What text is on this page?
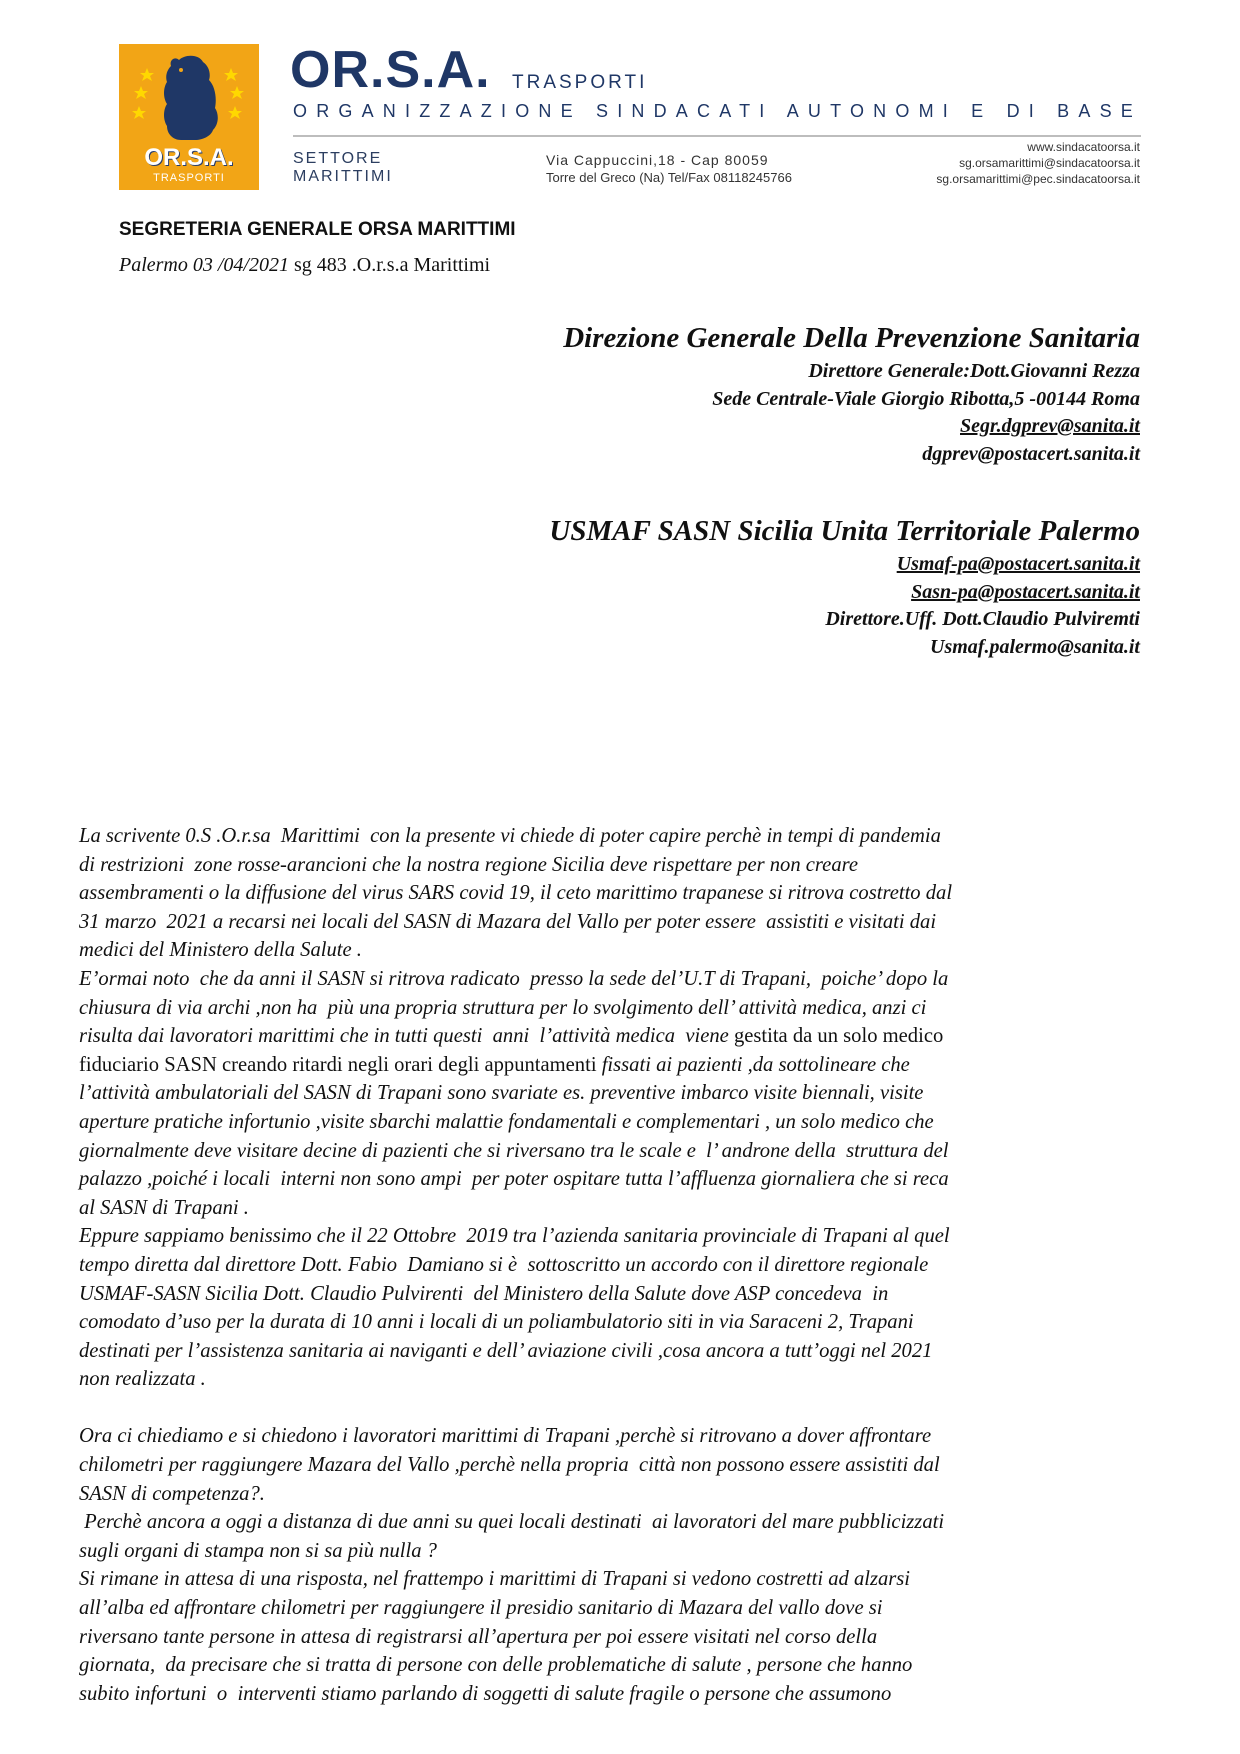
OR.S.A.
TRASPORTI
OR.S.A. TRASPORTI
ORGANIZZAZIONE SINDACATI AUTONOMI E DI BASE
SETTORE
MARITTIMI
Via Cappuccini,18 - Cap 80059
Torre del Greco (Na) Tel/Fax 08118245766
www.sindacatoorsa.it
sg.orsamarittimi@sindacatoorsa.it
sg.orsamarittimi@pec.sindacatoorsa.it
SEGRETERIA GENERALE ORSA MARITTIMI
Palermo 03 /04/2021 sg 483 .O.r.s.a Marittimi
Direzione Generale Della Prevenzione Sanitaria
Direttore Generale:Dott.Giovanni Rezza
Sede Centrale-Viale Giorgio Ribotta,5 -00144 Roma
Segr.dgprev@sanita.it
dgprev@postacert.sanita.it
USMAF SASN Sicilia Unita Territoriale Palermo
Usmaf-pa@postacert.sanita.it
Sasn-pa@postacert.sanita.it
Direttore.Uff. Dott.Claudio Pulviremti
Usmaf.palermo@sanita.it

La scrivente 0.S .O.r.sa  Marittimi  con la presente vi chiede di poter capire perchè in tempi di pandemia

di restrizioni  zone rosse-arancioni che la nostra regione Sicilia deve rispettare per non creare

assembramenti o la diffusione del virus SARS covid 19, il ceto marittimo trapanese si ritrova costretto dal

31 marzo  2021 a recarsi nei locali del SASN di Mazara del Vallo per poter essere  assistiti e visitati dai

medici del Ministero della Salute .

E’ormai noto  che da anni il SASN si ritrova radicato  presso la sede del’U.T di Trapani,  poiche’ dopo la

chiusura di via archi ,non ha  più una propria struttura per lo svolgimento dell’ attività medica, anzi ci

risulta dai lavoratori marittimi che in tutti questi  anni  l’attività medica  viene gestita da un solo medico

fiduciario SASN creando ritardi negli orari degli appuntamenti fissati ai pazienti ,da sottolineare che

l’attività ambulatoriali del SASN di Trapani sono svariate es. preventive imbarco visite biennali, visite

aperture pratiche infortunio ,visite sbarchi malattie fondamentali e complementari , un solo medico che

giornalmente deve visitare decine di pazienti che si riversano tra le scale e  l’ androne della  struttura del

palazzo ,poiché i locali  interni non sono ampi  per poter ospitare tutta l’affluenza giornaliera che si reca

al SASN di Trapani .

Eppure sappiamo benissimo che il 22 Ottobre  2019 tra l’azienda sanitaria provinciale di Trapani al quel

tempo diretta dal direttore Dott. Fabio  Damiano si è  sottoscritto un accordo con il direttore regionale

USMAF-SASN Sicilia Dott. Claudio Pulvirenti  del Ministero della Salute dove ASP concedeva  in

comodato d’uso per la durata di 10 anni i locali di un poliambulatorio siti in via Saraceni 2, Trapani

destinati per l’assistenza sanitaria ai naviganti e dell’ aviazione civili ,cosa ancora a tutt’oggi nel 2021

non realizzata .

Ora ci chiediamo e si chiedono i lavoratori marittimi di Trapani ,perchè si ritrovano a dover affrontare

chilometri per raggiungere Mazara del Vallo ,perchè nella propria  città non possono essere assistiti dal

SASN di competenza?.

Perchè ancora a oggi a distanza di due anni su quei locali destinati  ai lavoratori del mare pubblicizzati

sugli organi di stampa non si sa più nulla ?

Si rimane in attesa di una risposta, nel frattempo i marittimi di Trapani si vedono costretti ad alzarsi

all’alba ed affrontare chilometri per raggiungere il presidio sanitario di Mazara del vallo dove si

riversano tante persone in attesa di registrarsi all’apertura per poi essere visitati nel corso della

giornata,  da precisare che si tratta di persone con delle problematiche di salute , persone che hanno

subito infortuni  o  interventi stiamo parlando di soggetti di salute fragile o persone che assumono
